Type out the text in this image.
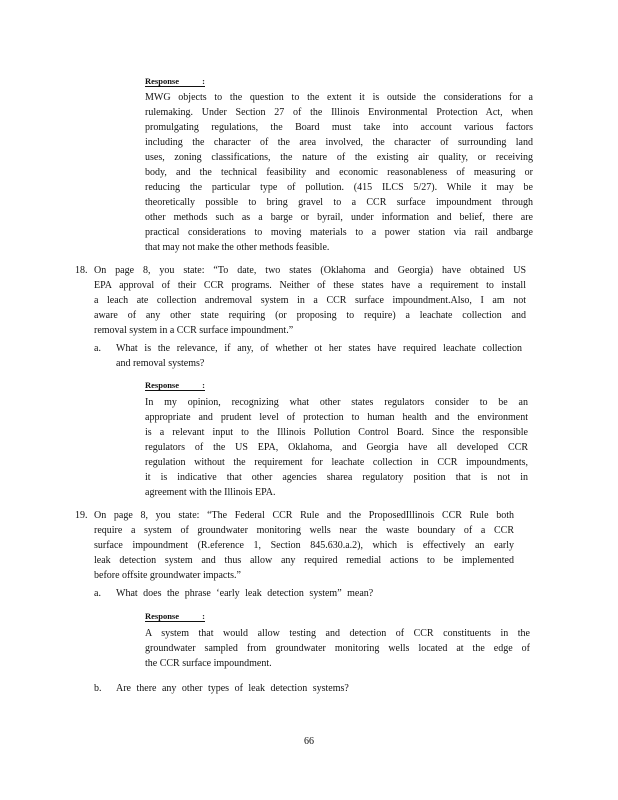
Response	:
MWG objects to the question to the extent it is outside the considerations for a
rulemaking. Under Section 27 of the Illinois Environmental Protection Act, when
promulgating regulations, the Board must take into account various factors
including the character of the area involved, the character of surrounding land
uses, zoning classifications, the nature of the existing air quality, or receiving
body, and the technical feasibility and economic reasonableness of measuring or
reducing the particular type of pollution. (415 ILCS 5/27). While it may be
theoretically possible to bring gravel to a CCR surface impoundment through
other methods such as a barge or byrail, under information and belief, there are
practical considerations to moving materials to a power station via rail andbarge
that may not make the other methods feasible.
18. On page 8, you state: “To date, two states (Oklahoma and Georgia) have obtained US
EPA approval of their CCR programs. Neither of these states have a requirement to install
a leach ate collection andremoval system in a CCR surface impoundment.Also, I am not
aware of any other state requiring (or proposing to require) a leachate collection and
removal system in a CCR surface impoundment.”
a. What is the relevance, if any, of whether ot her states have required leachate collection
and removal systems?
Response	:
In my opinion, recognizing what other states regulators consider to be an
appropriate and prudent level of protection to human health and the environment
is a relevant input to the Illinois Pollution Control Board. Since the responsible
regulators of the US EPA, Oklahoma, and Georgia have all developed CCR
regulation without the requirement for leachate collection in CCR impoundments,
it is indicative that other agencies sharea regulatory position that is not in
agreement with the Illinois EPA.
19. On page 8, you state: “The Federal CCR Rule and the ProposedIllinois CCR Rule both
require a system of groundwater monitoring wells near the waste boundary of a CCR
surface impoundment (R.eference 1, Section 845.630.a.2), which is effectively an early
leak detection system and thus allow any required remedial actions to be implemented
before offsite groundwater impacts.”
a. What does the phrase ‘early leak detection system” mean?
Response	:
A system that would allow testing and detection of CCR constituents in the
groundwater sampled from groundwater monitoring wells located at the edge of
the CCR surface impoundment.
b. Are there any other types of leak detection systems?
66
